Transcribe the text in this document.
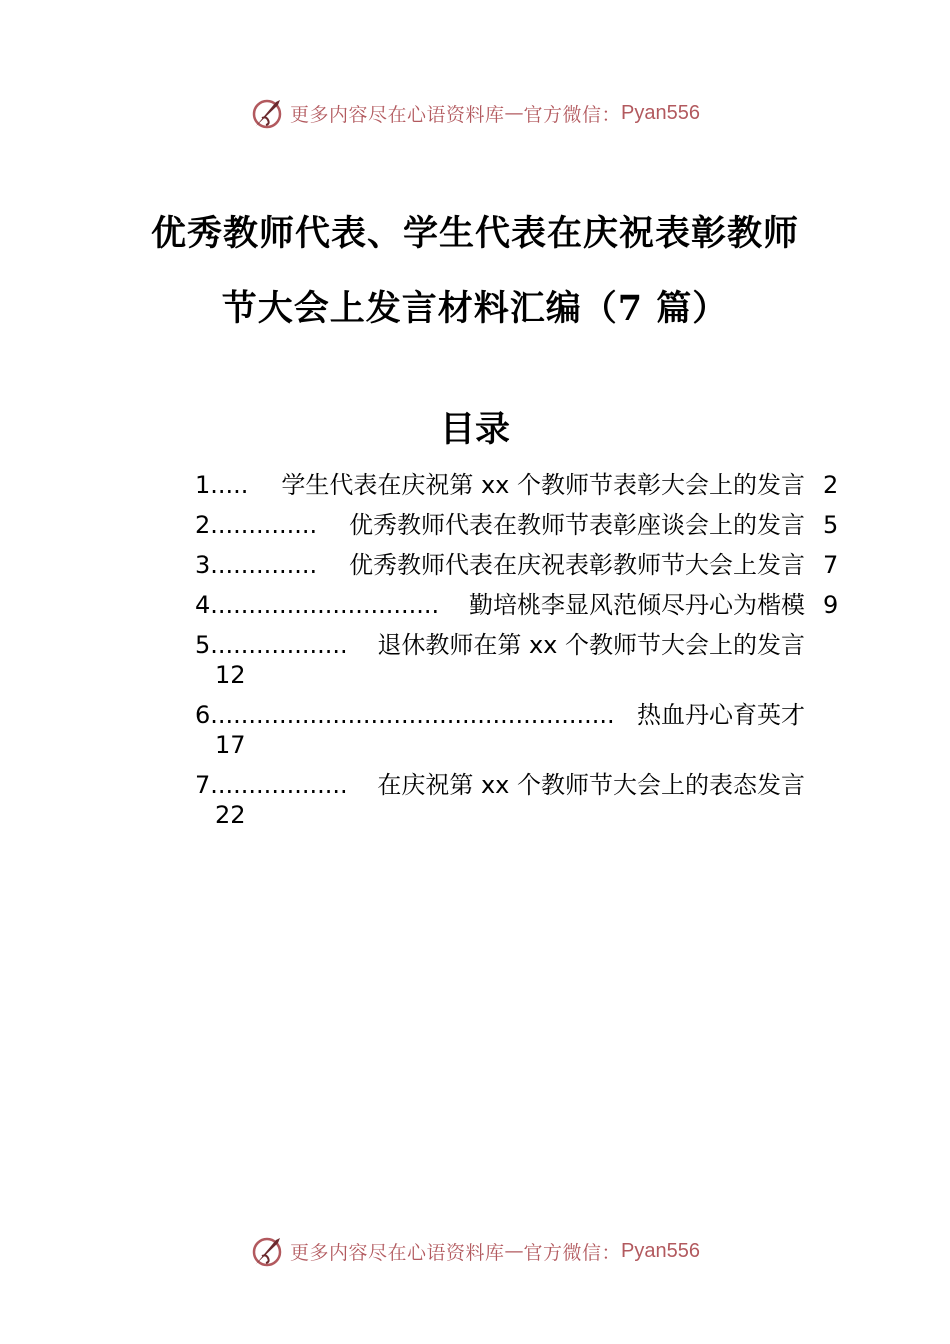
更多内容尽在心语资料库 — 官方微信： Pyan556
优秀教师代表、学生代表在庆祝表彰教师
节大会上发言材料汇编（7 篇）
目录
1..... 学生代表在庆祝第 xx 个教师节表彰大会上的发言 2
2.............. 优秀教师代表在教师节表彰座谈会上的发言 5
3.............. 优秀教师代表在庆祝表彰教师节大会上发言 7
4.............................. 勤培桃李显风范倾尽丹心为楷模 9
5.................. 退休教师在第 xx 个教师节大会上的发言
12
6..................................................... 热血丹心育英才
17
7.................. 在庆祝第 xx 个教师节大会上的表态发言
22
更多内容尽在心语资料库 — 官方微信： Pyan556
